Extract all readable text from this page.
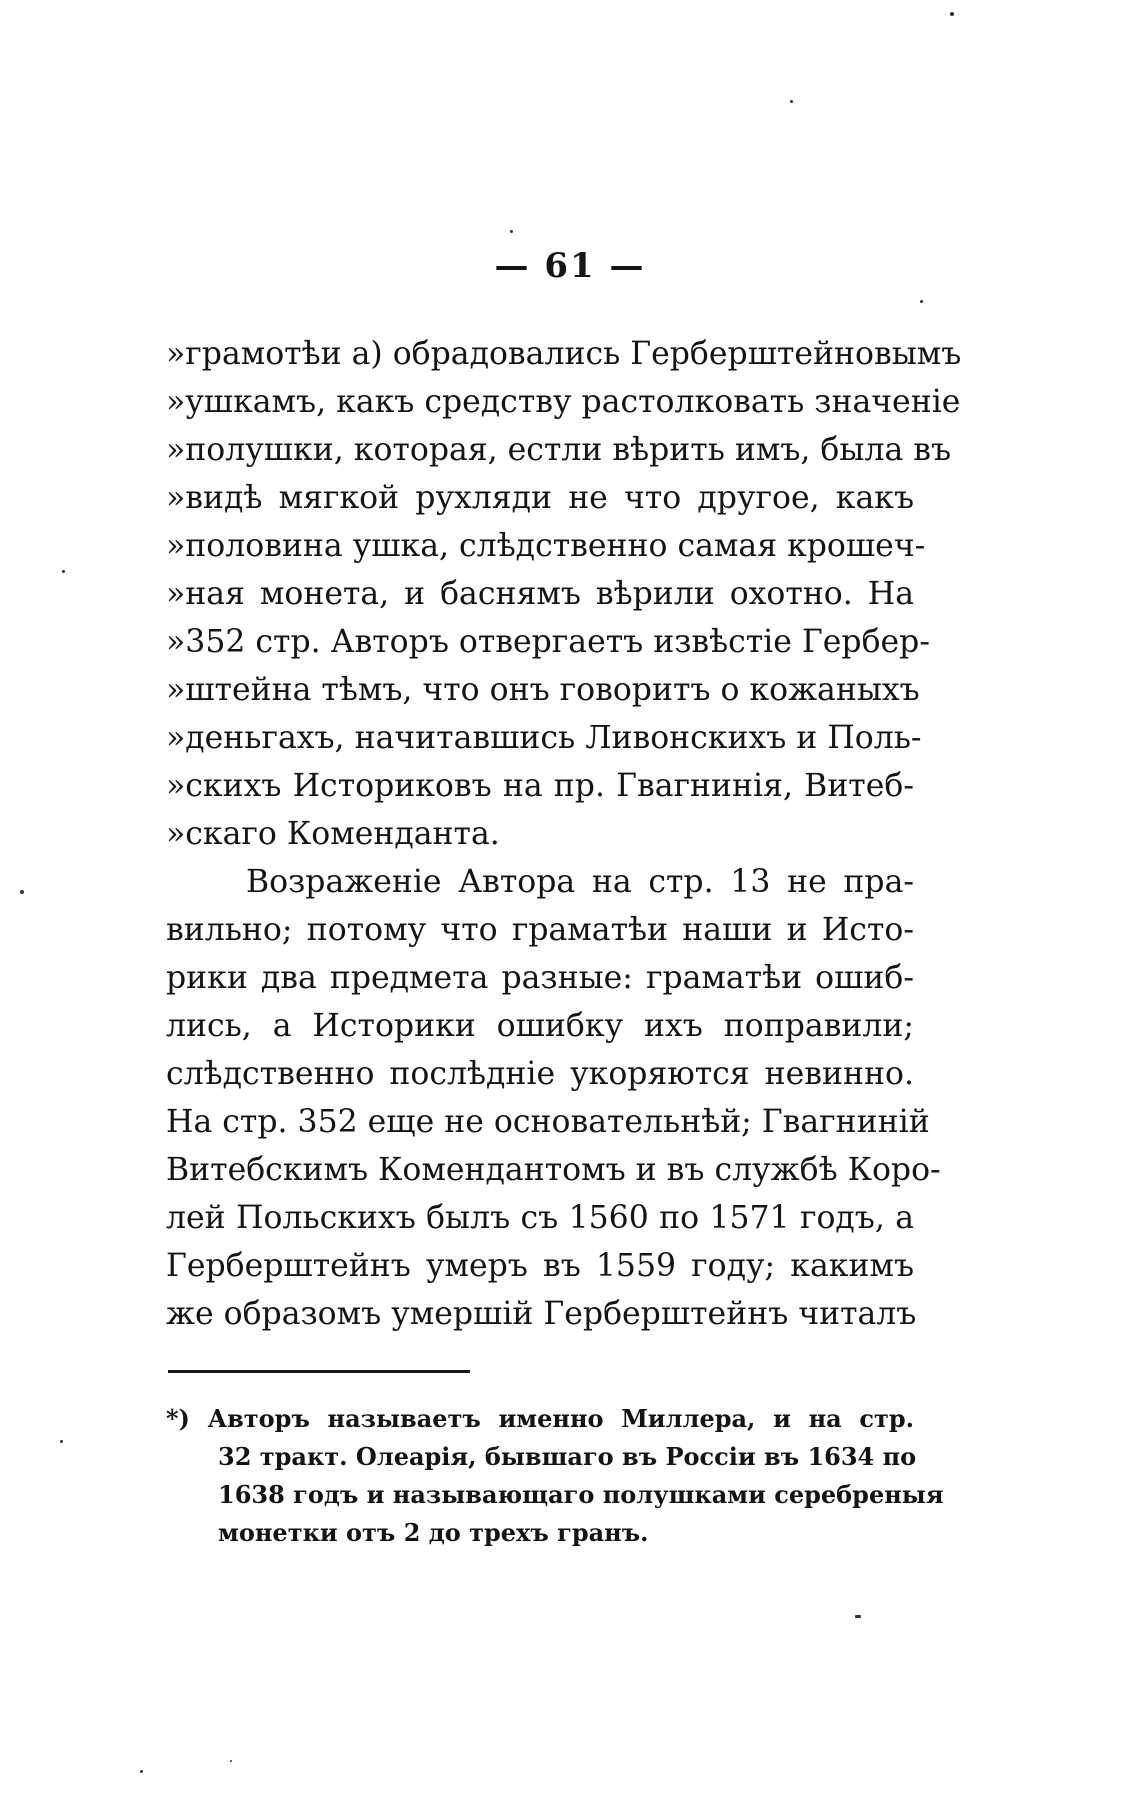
— 61 —
»грамотѣи а) обрадовались Герберштейновымъ
»ушкамъ, какъ средству растолковать значеніе
»полушки, которая, естли вѣрить имъ, была въ
»видѣ мягкой рухляди не что другое, какъ
»половина ушка, слѣдственно самая крошеч-
»ная монета, и баснямъ вѣрили охотно. На
»352 стр. Авторъ отвергаетъ извѣстіе Гербер-
»штейна тѣмъ, что онъ говоритъ о кожаныхъ
»деньгахъ, начитавшись Ливонскихъ и Поль-
»скихъ Историковъ на пр. Гвагнинія, Витеб-
»скаго Коменданта.
Возраженіе Автора на стр. 13 не пра-
вильно; потому что граматѣи наши и Исто-
рики два предмета разные: граматѣи ошиб-
лись, а Историки ошибку ихъ поправили;
слѣдственно послѣдніе укоряются невинно.
На стр. 352 еще не основательнѣй; Гвагниній
Витебскимъ Комендантомъ и въ службѣ Коро-
лей Польскихъ былъ съ 1560 по 1571 годъ, а
Герберштейнъ умеръ въ 1559 году; какимъ
же образомъ умершій Герберштейнъ читалъ
*) Авторъ называетъ именно Миллера, и на стр.
32 тракт. Олеарія, бывшаго въ Россіи въ 1634 по
1638 годъ и называющаго полушками серебреныя
монетки отъ 2 до трехъ гранъ.
